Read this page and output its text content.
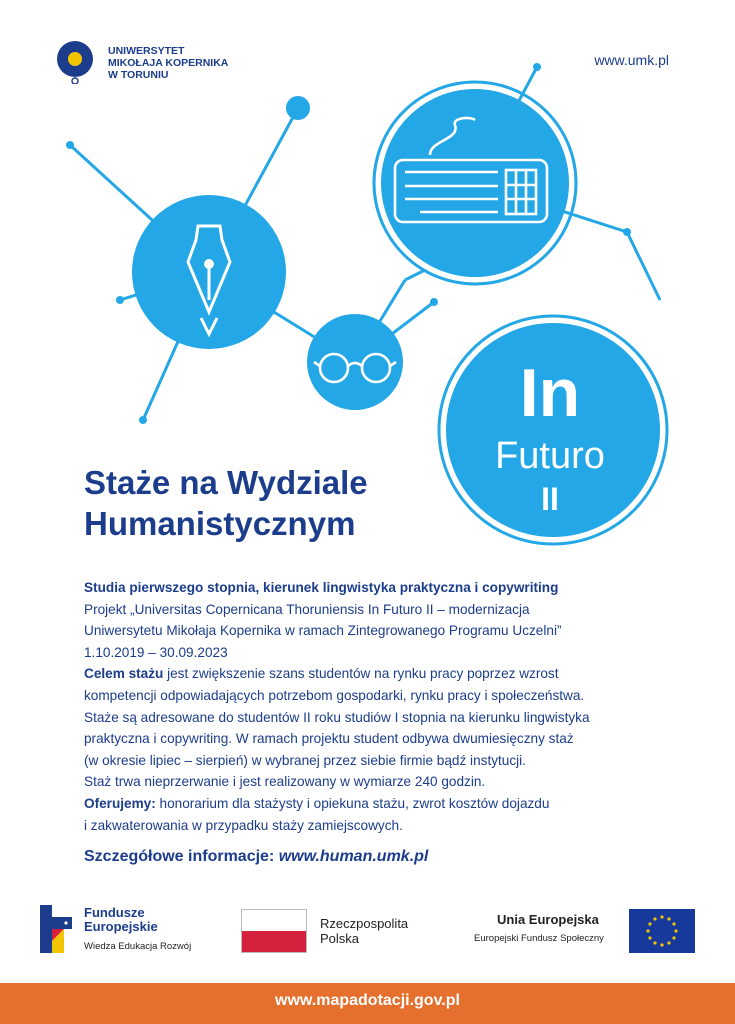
UNIWERSYTET
MIKOŁAJA KOPERNIKA
W TORUNIU
www.umk.pl
In
Futuro
II
Staże na Wydziale
Humanistycznym

Studia pierwszego stopnia, kierunek lingwistyka praktyczna i copywriting

Projekt „Universitas Copernicana Thoruniensis In Futuro II – modernizacja

Uniwersytetu Mikołaja Kopernika w ramach Zintegrowanego Programu Uczelni”

1.10.2019 – 30.09.2023

Celem stażu jest zwiększenie szans studentów na rynku pracy poprzez wzrost

kompetencji odpowiadających potrzebom gospodarki, rynku pracy i społeczeństwa.

Staże są adresowane do studentów II roku studiów I stopnia na kierunku lingwistyka

praktyczna i copywriting. W ramach projektu student odbywa dwumiesięczny staż

(w okresie lipiec – sierpień) w wybranej przez siebie firmie bądź instytucji.

Staż trwa nieprzerwanie i jest realizowany w wymiarze 240 godzin.

Oferujemy: honorarium dla stażysty i opiekuna stażu, zwrot kosztów dojazdu

i zakwaterowania w przypadku staży zamiejscowych.

Szczegółowe informacje: www.human.umk.pl
Fundusze
Europejskie
Wiedza Edukacja Rozwój
Rzeczpospolita
Polska
Unia Europejska
Europejski Fundusz Społeczny
www.mapadotacji.gov.pl
